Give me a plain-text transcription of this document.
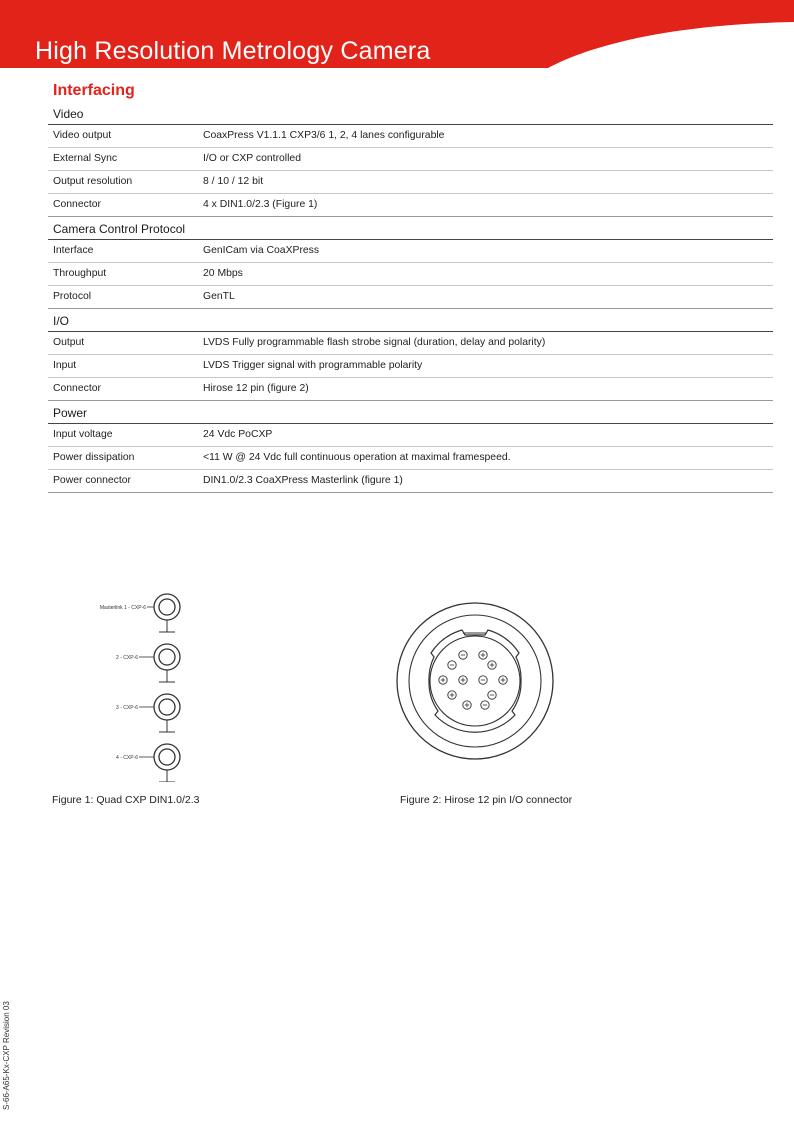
High Resolution Metrology Camera
Interfacing
Video
Video output	CoaxPress V1.1.1 CXP3/6 1, 2, 4 lanes configurable
External Sync	I/O or CXP controlled
Output resolution	8 / 10 / 12 bit
Connector	4 x DIN1.0/2.3 (Figure 1)
Camera Control Protocol
Interface	GenICam via CoaXPress
Throughput	20 Mbps
Protocol	GenTL
I/O
Output	LVDS Fully programmable flash strobe signal (duration, delay and polarity)
Input	LVDS Trigger signal with programmable polarity
Connector	Hirose 12 pin (figure 2)
Power
Input voltage	24 Vdc PoCXP
Power dissipation	<11 W @ 24 Vdc full continuous operation at maximal framespeed.
Power connector	DIN1.0/2.3 CoaXPress Masterlink (figure 1)
Masterlink 1 - CXP-6
2 - CXP-6
3 - CXP-6
4 - CXP-6
Figure 1: Quad CXP DIN1.0/2.3	Figure 2: Hirose 12 pin I/O connector
S-66-A65-Kx-CXP Revision 03
